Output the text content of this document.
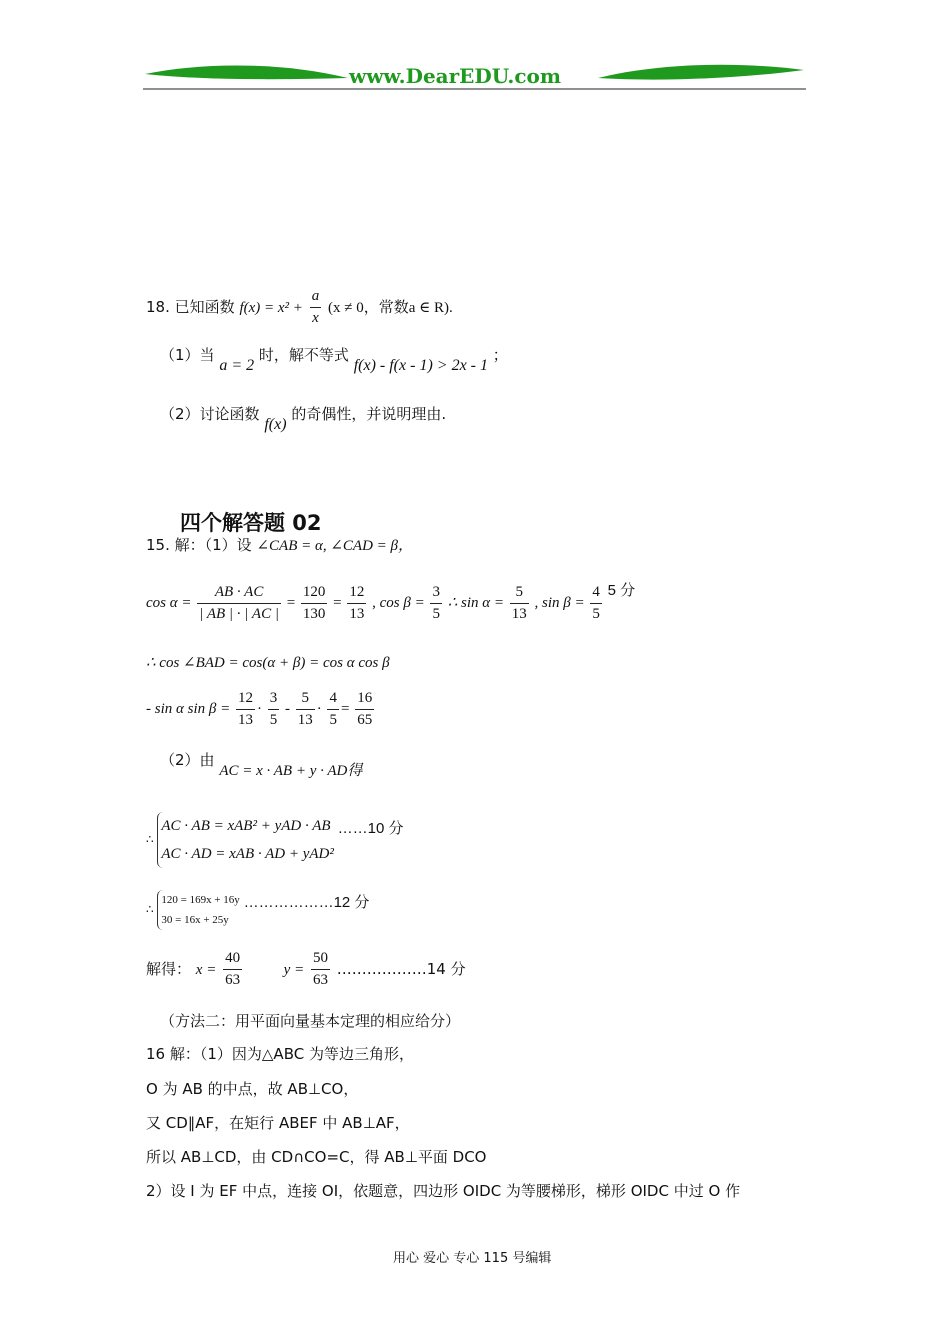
www.DearEDU.com
18. 已知函数 $f(x) = x^2 + \frac{a}{x} (x \ne 0$，常数a ∈ R).
（1）当 a = 2 时，解不等式 f(x) - f(x - 1) > 2x - 1 ；
（2）讨论函数 f(x) 的奇偶性，并说明理由.
四个解答题 02
15. 解：（1）设 ∠CAB = α, ∠CAD = β，
$\cos \alpha = \frac{AB \cdot AC}{| AB | \cdot | AC |} = \frac{120}{130} = \frac{12}{13}$ , $\cos \beta = \frac{3}{5}$ ∴ $\sin \alpha = \frac{5}{13}$ , $\sin \beta = \frac{4}{5} 5$ 分
∴ cos ∠BAD = cos(α + β) = cos α cos β
- sin α $\sin \beta = \frac{12}{13} \cdot \frac{3}{5} - \frac{5}{13} \cdot \frac{4}{5} = \frac{16}{65}$
（2）由 AC = x · AB + y · AD得
∴
AC · AB = xAB² + yAD · AB
AC · AD = xAB · AD + yAD²
……10 分
∴
120 = 169x + 16y
30 = 16x + 25y
………………12 分
解得： $x = \frac{40}{63}$	$y = \frac{50}{63}$ ………………14 分
（方法二：用平面向量基本定理的相应给分）
16 解：（1）因为△ABC 为等边三角形，
O 为 AB 的中点，故 AB⊥CO，
又 CD∥AF，在矩行 ABEF 中 AB⊥AF，
所以 AB⊥CD，由 CD∩CO=C，得 AB⊥平面 DCO
2）设 I 为 EF 中点，连接 OI，依题意，四边形 OIDC 为等腰梯形，梯形 OIDC 中过 O 作
用心 爱心 专心 115 号编辑
